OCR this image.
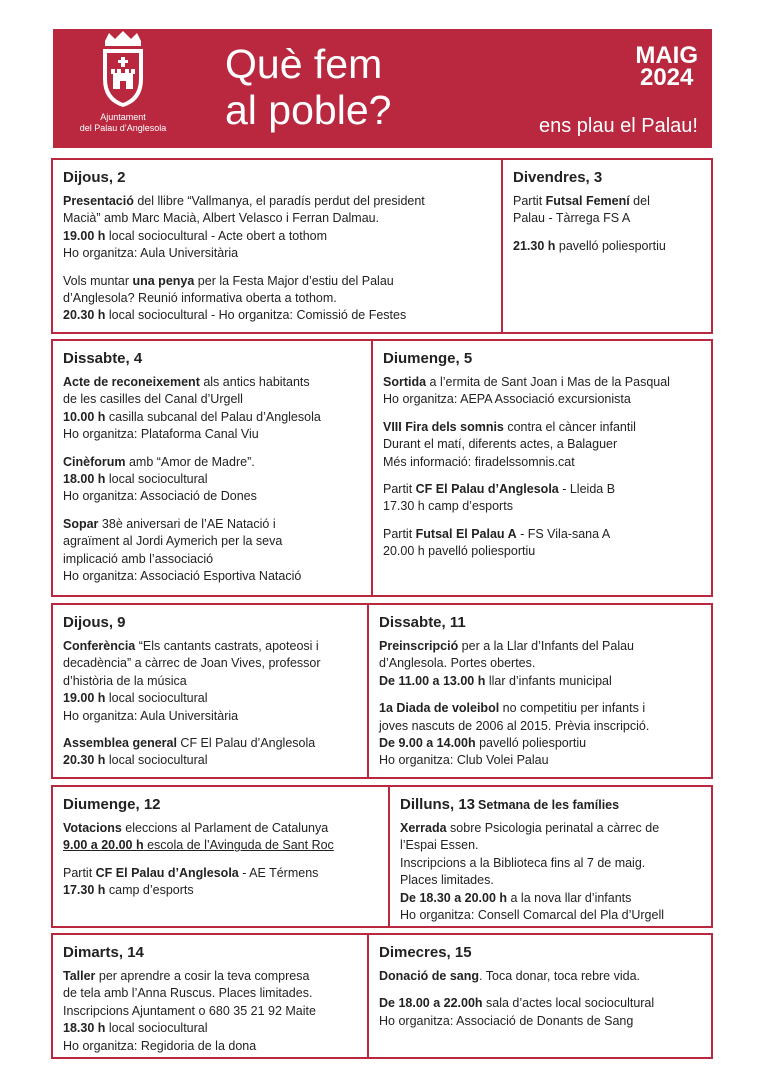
Ajuntament
del Palau d’Anglesola
Què fem
al poble?
MAIG
2024
ens plau el Palau!
Dijous, 2

Presentació del llibre “Vallmanya, el paradís perdut del president

Macià” amb Marc Macià, Albert Velasco i Ferran Dalmau.

19.00 h local sociocultural - Acte obert a tothom

Ho organitza: Aula Universitària

Vols muntar una penya per la Festa Major d’estiu del Palau

d’Anglesola? Reunió informativa oberta a tothom.

20.30 h local sociocultural - Ho organitza: Comissió de Festes

Divendres, 3

Partit Futsal Femení del

Palau - Tàrrega FS A

21.30 h pavelló poliesportiu

Dissabte, 4

Acte de reconeixement als antics habitants

de les casilles del Canal d’Urgell

10.00 h casilla subcanal del Palau d’Anglesola

Ho organitza: Plataforma Canal Viu

Cinèforum amb “Amor de Madre”.

18.00 h local sociocultural

Ho organitza: Associació de Dones

Sopar 38è aniversari de l’AE Natació i

agraïment al Jordi Aymerich per la seva

implicació amb l’associació

Ho organitza: Associació Esportiva Natació

Diumenge, 5

Sortida a l’ermita de Sant Joan i Mas de la Pasqual

Ho organitza: AEPA Associació excursionista

VIII Fira dels somnis contra el càncer infantil

Durant el matí, diferents actes, a Balaguer

Més informació: firadelssomnis.cat

Partit CF El Palau d’Anglesola - Lleida B

17.30 h camp d’esports

Partit Futsal El Palau A - FS Vila-sana A

20.00 h pavelló poliesportiu

Dijous, 9

Conferència “Els cantants castrats, apoteosi i

decadència” a càrrec de Joan Vives, professor

d’història de la música

19.00 h local sociocultural

Ho organitza: Aula Universitària

Assemblea general CF El Palau d’Anglesola

20.30 h local sociocultural

Dissabte, 11

Preinscripció per a la Llar d’Infants del Palau

d’Anglesola. Portes obertes.

De 11.00 a 13.00 h llar d’infants municipal

1a Diada de voleibol no competitiu per infants i

joves nascuts de 2006 al 2015. Prèvia inscripció.

De 9.00 a 14.00h pavelló poliesportiu

Ho organitza: Club Volei Palau

Diumenge, 12

Votacions eleccions al Parlament de Catalunya

9.00 a 20.00 h escola de l’Avinguda de Sant Roc

Partit CF El Palau d’Anglesola - AE Térmens

17.30 h camp d’esports

Dilluns, 13 Setmana de les famílies

Xerrada sobre Psicologia perinatal a càrrec de

l’Espai Essen.

Inscripcions a la Biblioteca fins al 7 de maig.

Places limitades.

De 18.30 a 20.00 h a la nova llar d’infants

Ho organitza: Consell Comarcal del Pla d’Urgell

Dimarts, 14

Taller per aprendre a cosir la teva compresa

de tela amb l’Anna Ruscus. Places limitades.

Inscripcions Ajuntament o 680 35 21 92 Maite

18.30 h local sociocultural

Ho organitza: Regidoria de la dona

Dimecres, 15

Donació de sang. Toca donar, toca rebre vida.

De 18.00 a 22.00h sala d’actes local sociocultural

Ho organitza: Associació de Donants de Sang
